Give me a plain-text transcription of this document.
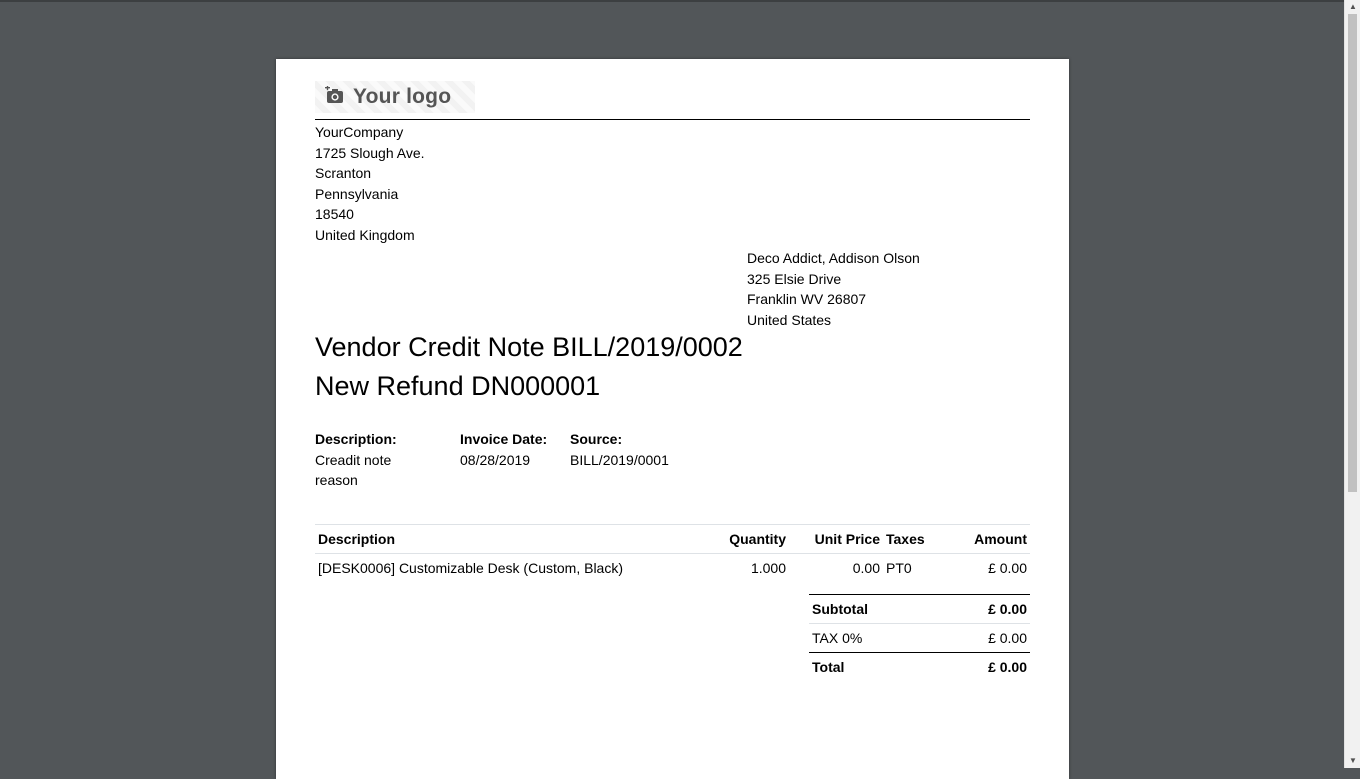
Your logo
YourCompany
1725 Slough Ave.
Scranton
Pennsylvania
18540
United Kingdom
Deco Addict, Addison Olson
325 Elsie Drive
Franklin WV 26807
United States
Vendor Credit Note BILL/2019/0002
New Refund DN000001
Description:
Creadit note
reason
Invoice Date:
08/28/2019
Source:
BILL/2019/0001
Description	Quantity	Unit Price	Taxes	Amount
[DESK0006] Customizable Desk (Custom, Black)	1.000	0.00	PT0	£ 0.00
Subtotal	£ 0.00
TAX 0%	£ 0.00
Total	£ 0.00
▲
▼
